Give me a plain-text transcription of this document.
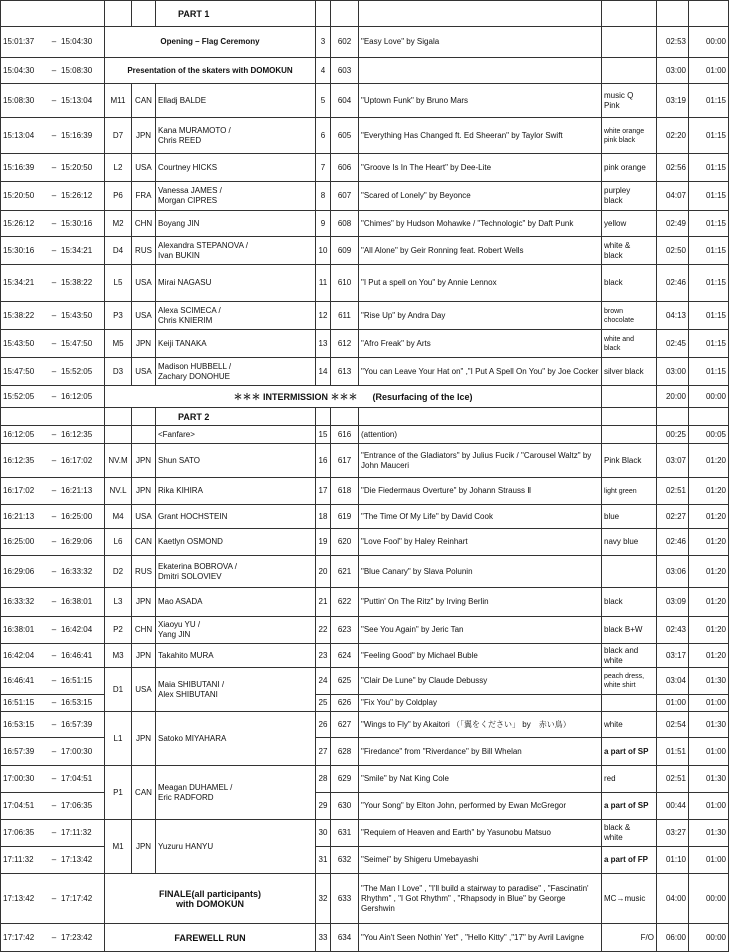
			PART 1						
15:01:37 – 15:04:30	Opening – Flag Ceremony			3	602	"Easy Love" by Sigala		02:53	00:00
15:04:30 – 15:08:30	Presentation of the skaters with DOMOKUN			4	603			03:00	01:00
15:08:30 – 15:13:04	M11	CAN	Elladj BALDE	5	604	"Uptown Funk" by Bruno Mars	music Q
Pink	03:19	01:15
15:13:04 – 15:16:39	D7	JPN	Kana MURAMOTO /
Chris REED	6	605	"Everything Has Changed ft. Ed Sheeran" by Taylor Swift	white orange
pink black	02:20	01:15
15:16:39 – 15:20:50	L2	USA	Courtney HICKS	7	606	"Groove Is In The Heart" by Dee-Lite	pink orange	02:56	01:15
15:20:50 – 15:26:12	P6	FRA	Vanessa JAMES /
Morgan CIPRES	8	607	"Scared of Lonely" by Beyonce	purpley
black	04:07	01:15
15:26:12 – 15:30:16	M2	CHN	Boyang JIN	9	608	"Chimes" by Hudson Mohawke / "Technologic" by Daft Punk	yellow	02:49	01:15
15:30:16 – 15:34:21	D4	RUS	Alexandra STEPANOVA /
Ivan BUKIN	10	609	"All Alone" by Geir Ronning feat. Robert Wells	white &
black	02:50	01:15
15:34:21 – 15:38:22	L5	USA	Mirai NAGASU	11	610	"I Put a spell on You" by Annie Lennox	black	02:46	01:15
15:38:22 – 15:43:50	P3	USA	Alexa SCIMECA /
Chris KNIERIM	12	611	"Rise Up" by Andra Day	brown
chocolate	04:13	01:15
15:43:50 – 15:47:50	M5	JPN	Keiji TANAKA	13	612	"Afro Freak" by Arts	white and
black	02:45	01:15
15:47:50 – 15:52:05	D3	USA	Madison HUBBELL /
Zachary DONOHUE	14	613	"You can Leave Your Hat on" ,"I Put A Spell On You" by Joe Cocker	silver black	03:00	01:15
15:52:05 – 16:12:05	＊＊＊ INTERMISSION ＊＊＊ (Resurfacing of the Ice)							20:00	00:00
			PART 2						
16:12:05 – 16:12:35			<Fanfare>	15	616	(attention)		00:25	00:05
16:12:35 – 16:17:02	NV.M	JPN	Shun SATO	16	617	"Entrance of the Gladiators" by Julius Fucik / "Carousel Waltz" by John Mauceri	Pink Black	03:07	01:20
16:17:02 – 16:21:13	NV.L	JPN	Rika KIHIRA	17	618	"Die Fiedermaus Overture" by Johann Strauss Ⅱ	light green	02:51	01:20
16:21:13 – 16:25:00	M4	USA	Grant HOCHSTEIN	18	619	"The Time Of My Life" by David Cook	blue	02:27	01:20
16:25:00 – 16:29:06	L6	CAN	Kaetlyn OSMOND	19	620	"Love Fool" by Haley Reinhart	navy blue	02:46	01:20
16:29:06 – 16:33:32	D2	RUS	Ekaterina BOBROVA /
Dmitri SOLOVIEV	20	621	"Blue Canary" by Slava Polunin		03:06	01:20
16:33:32 – 16:38:01	L3	JPN	Mao ASADA	21	622	"Puttin' On The Ritz" by Irving Berlin	black	03:09	01:20
16:38:01 – 16:42:04	P2	CHN	Xiaoyu YU /
Yang JIN	22	623	"See You Again" by Jeric Tan	black B+W	02:43	01:20
16:42:04 – 16:46:41	M3	JPN	Takahito MURA	23	624	"Feeling Good" by Michael Buble	black and
white	03:17	01:20
16:46:41 – 16:51:15	D1	USA	Maia SHIBUTANI /
Alex SHIBUTANI	24	625	"Clair De Lune" by Claude Debussy	peach dress,
white shirt	03:04	01:30
16:51:15 – 16:53:15				25	626	"Fix You" by Coldplay		01:00	01:00
16:53:15 – 16:57:39	L1	JPN	Satoko MIYAHARA	26	627	"Wings to Fly" by Akaitori （「翼をください」 by　赤い鳥）	white	02:54	01:30
16:57:39 – 17:00:30				27	628	"Firedance" from "Riverdance" by Bill Whelan	a part of SP	01:51	01:00
17:00:30 – 17:04:51	P1	CAN	Meagan DUHAMEL /
Eric RADFORD	28	629	"Smile" by Nat King Cole	red	02:51	01:30
17:04:51 – 17:06:35				29	630	"Your Song" by Elton John, performed by Ewan McGregor	a part of SP	00:44	01:00
17:06:35 – 17:11:32	M1	JPN	Yuzuru HANYU	30	631	"Requiem of Heaven and Earth" by Yasunobu Matsuo	black &
white	03:27	01:30
17:11:32 – 17:13:42				31	632	"Seimei" by Shigeru Umebayashi	a part of FP	01:10	01:00
17:13:42 – 17:17:42	FINALE(all participants)
with DOMOKUN			32	633	"The Man I Love" , "I'll build a stairway to paradise" , "Fascinatin' Rhythm" , "I Got Rhythm" , "Rhapsody in Blue" by George Gershwin	MC→music	04:00	00:00
17:17:42 – 17:23:42	FAREWELL RUN			33	634	"You Ain't Seen Nothin' Yet" , "Hello Kitty" ,"17" by Avril Lavigne	F/O	06:00	00:00
